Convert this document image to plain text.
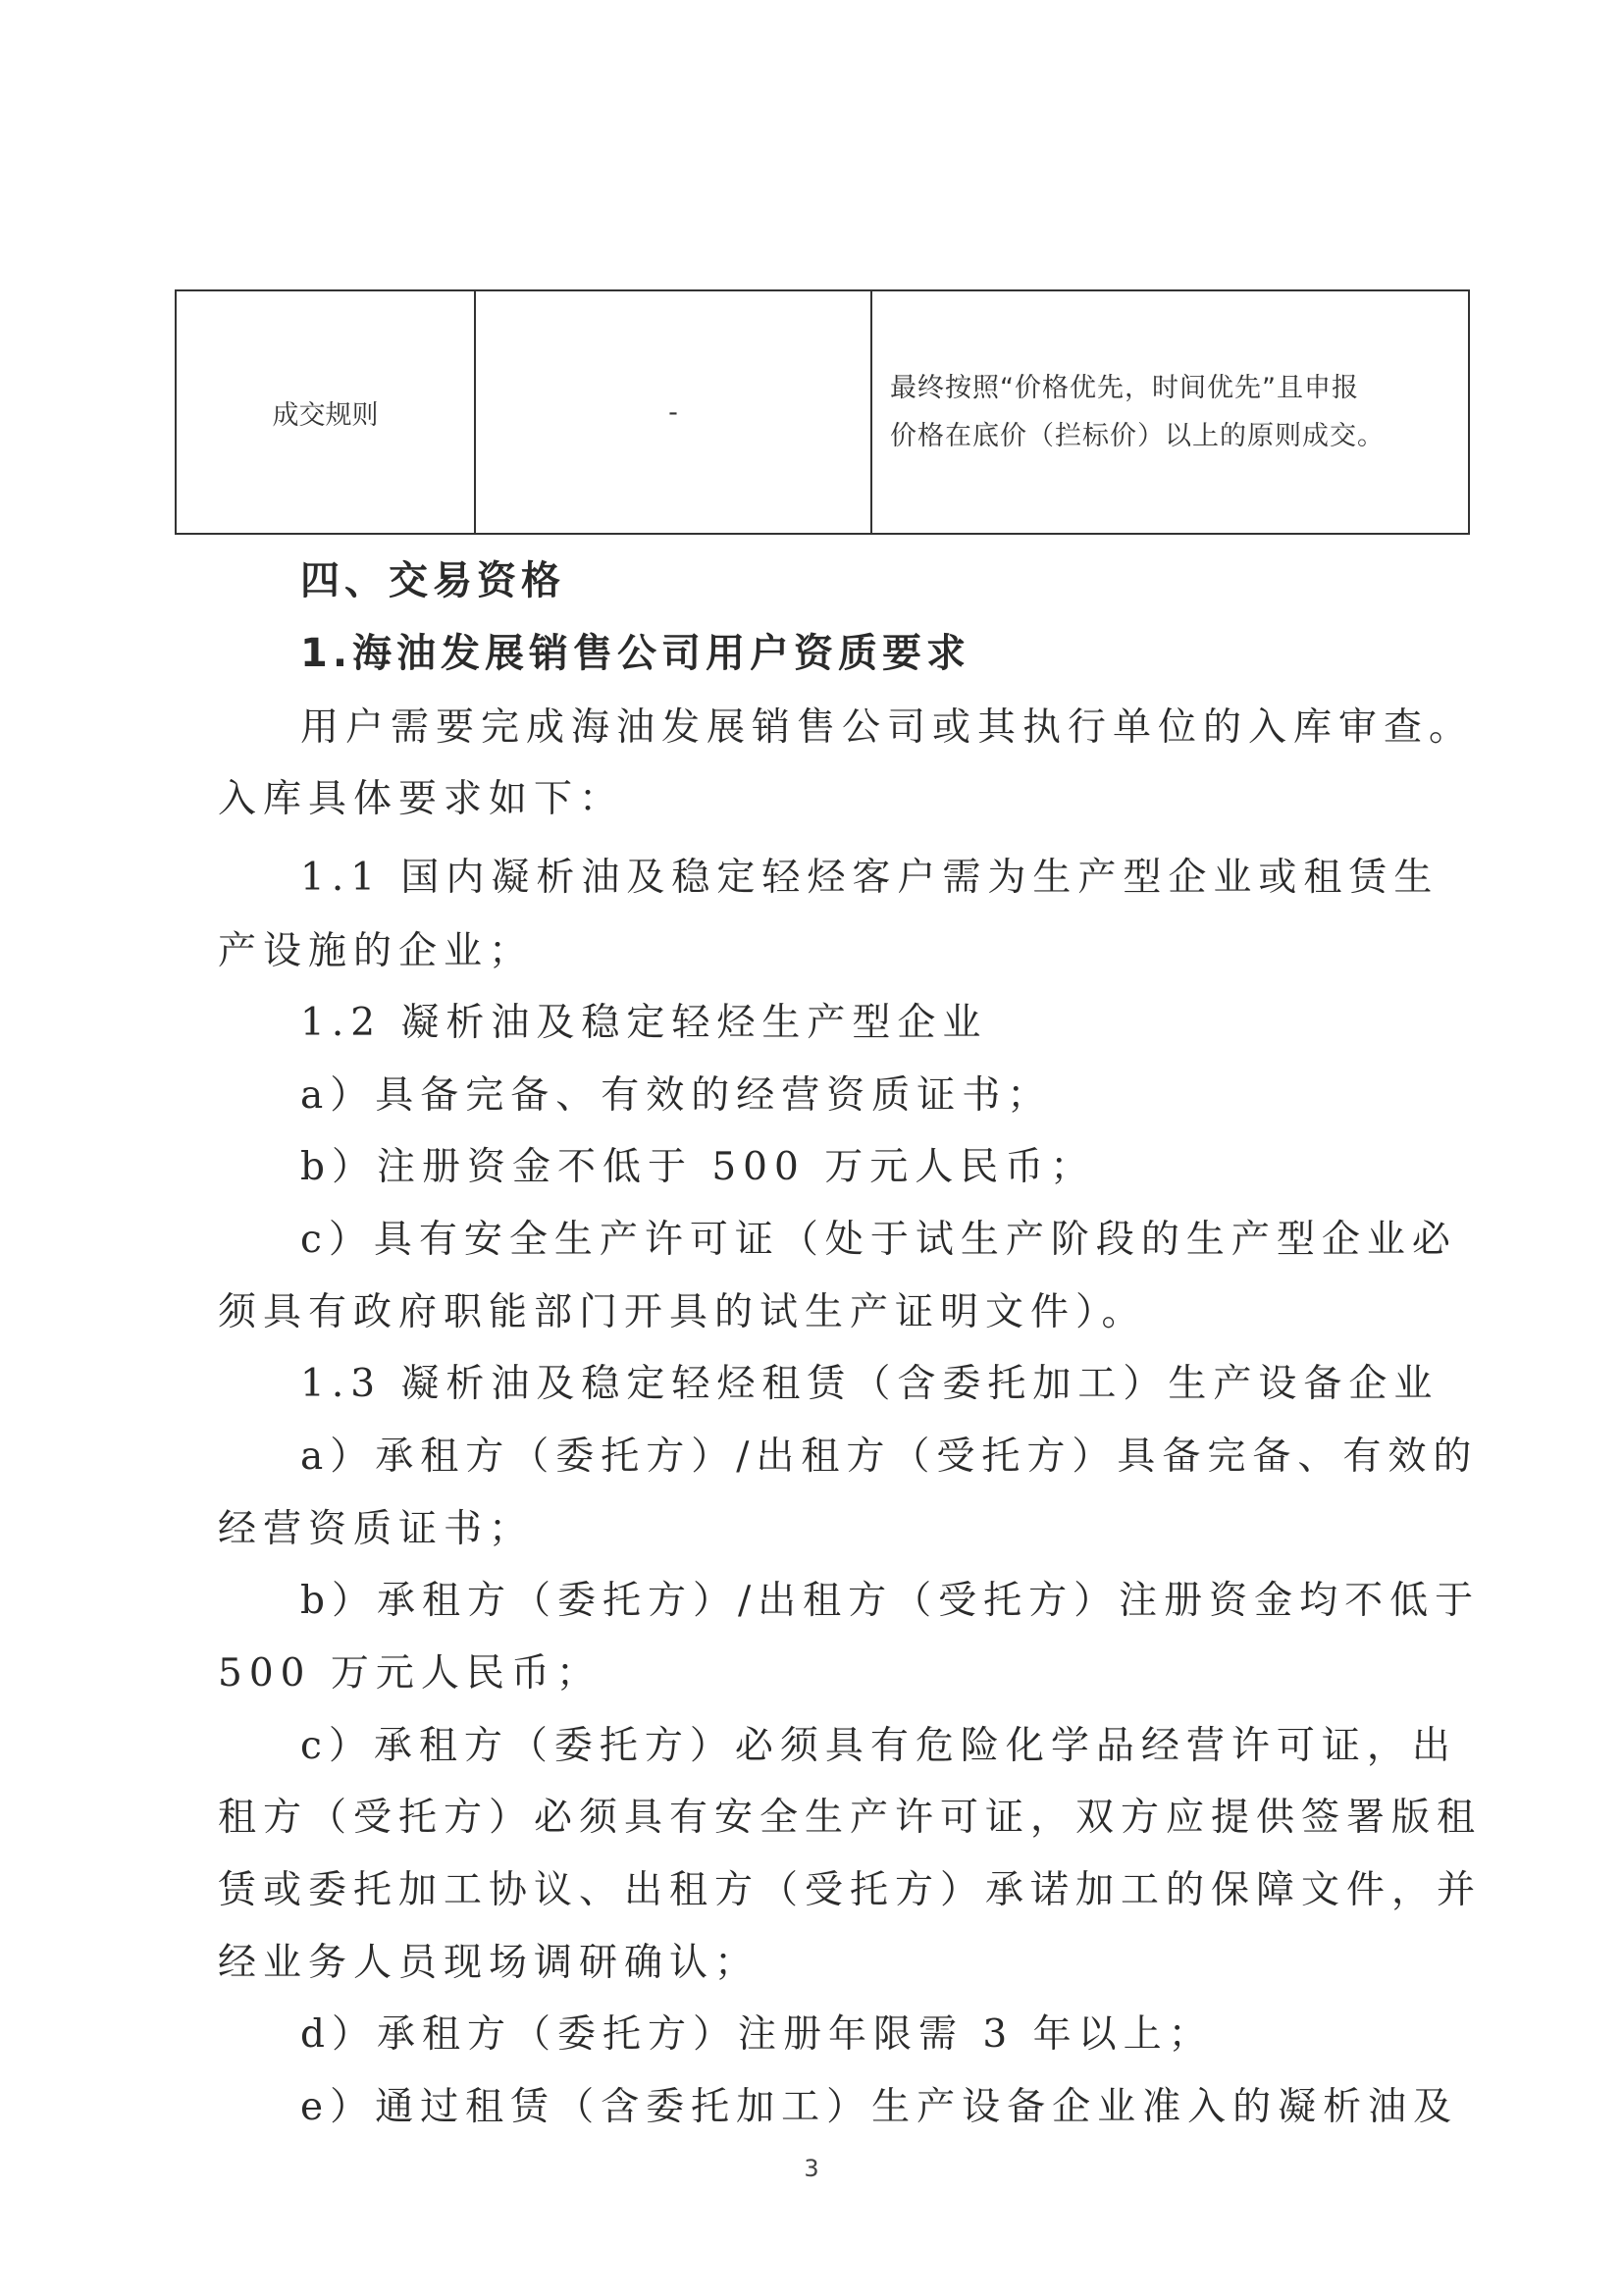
成交规则	-	最终按照“价格优先，时间优先”且申报
价格在底价（拦标价）以上的原则成交。
四、交易资格
1.海油发展销售公司用户资质要求
用户需要完成海油发展销售公司或其执行单位的入库审查。
入库具体要求如下：
1.1 国内凝析油及稳定轻烃客户需为生产型企业或租赁生
产设施的企业；
1.2 凝析油及稳定轻烃生产型企业
a）具备完备、有效的经营资质证书；
b）注册资金不低于 500 万元人民币；
c）具有安全生产许可证（处于试生产阶段的生产型企业必
须具有政府职能部门开具的试生产证明文件）。
1.3 凝析油及稳定轻烃租赁（含委托加工）生产设备企业
a）承租方（委托方）/出租方（受托方）具备完备、有效的
经营资质证书；
b）承租方（委托方）/出租方（受托方）注册资金均不低于
500 万元人民币；
c）承租方（委托方）必须具有危险化学品经营许可证，出
租方（受托方）必须具有安全生产许可证，双方应提供签署版租
赁或委托加工协议、出租方（受托方）承诺加工的保障文件，并
经业务人员现场调研确认；
d）承租方（委托方）注册年限需 3 年以上；
e）通过租赁（含委托加工）生产设备企业准入的凝析油及
3
